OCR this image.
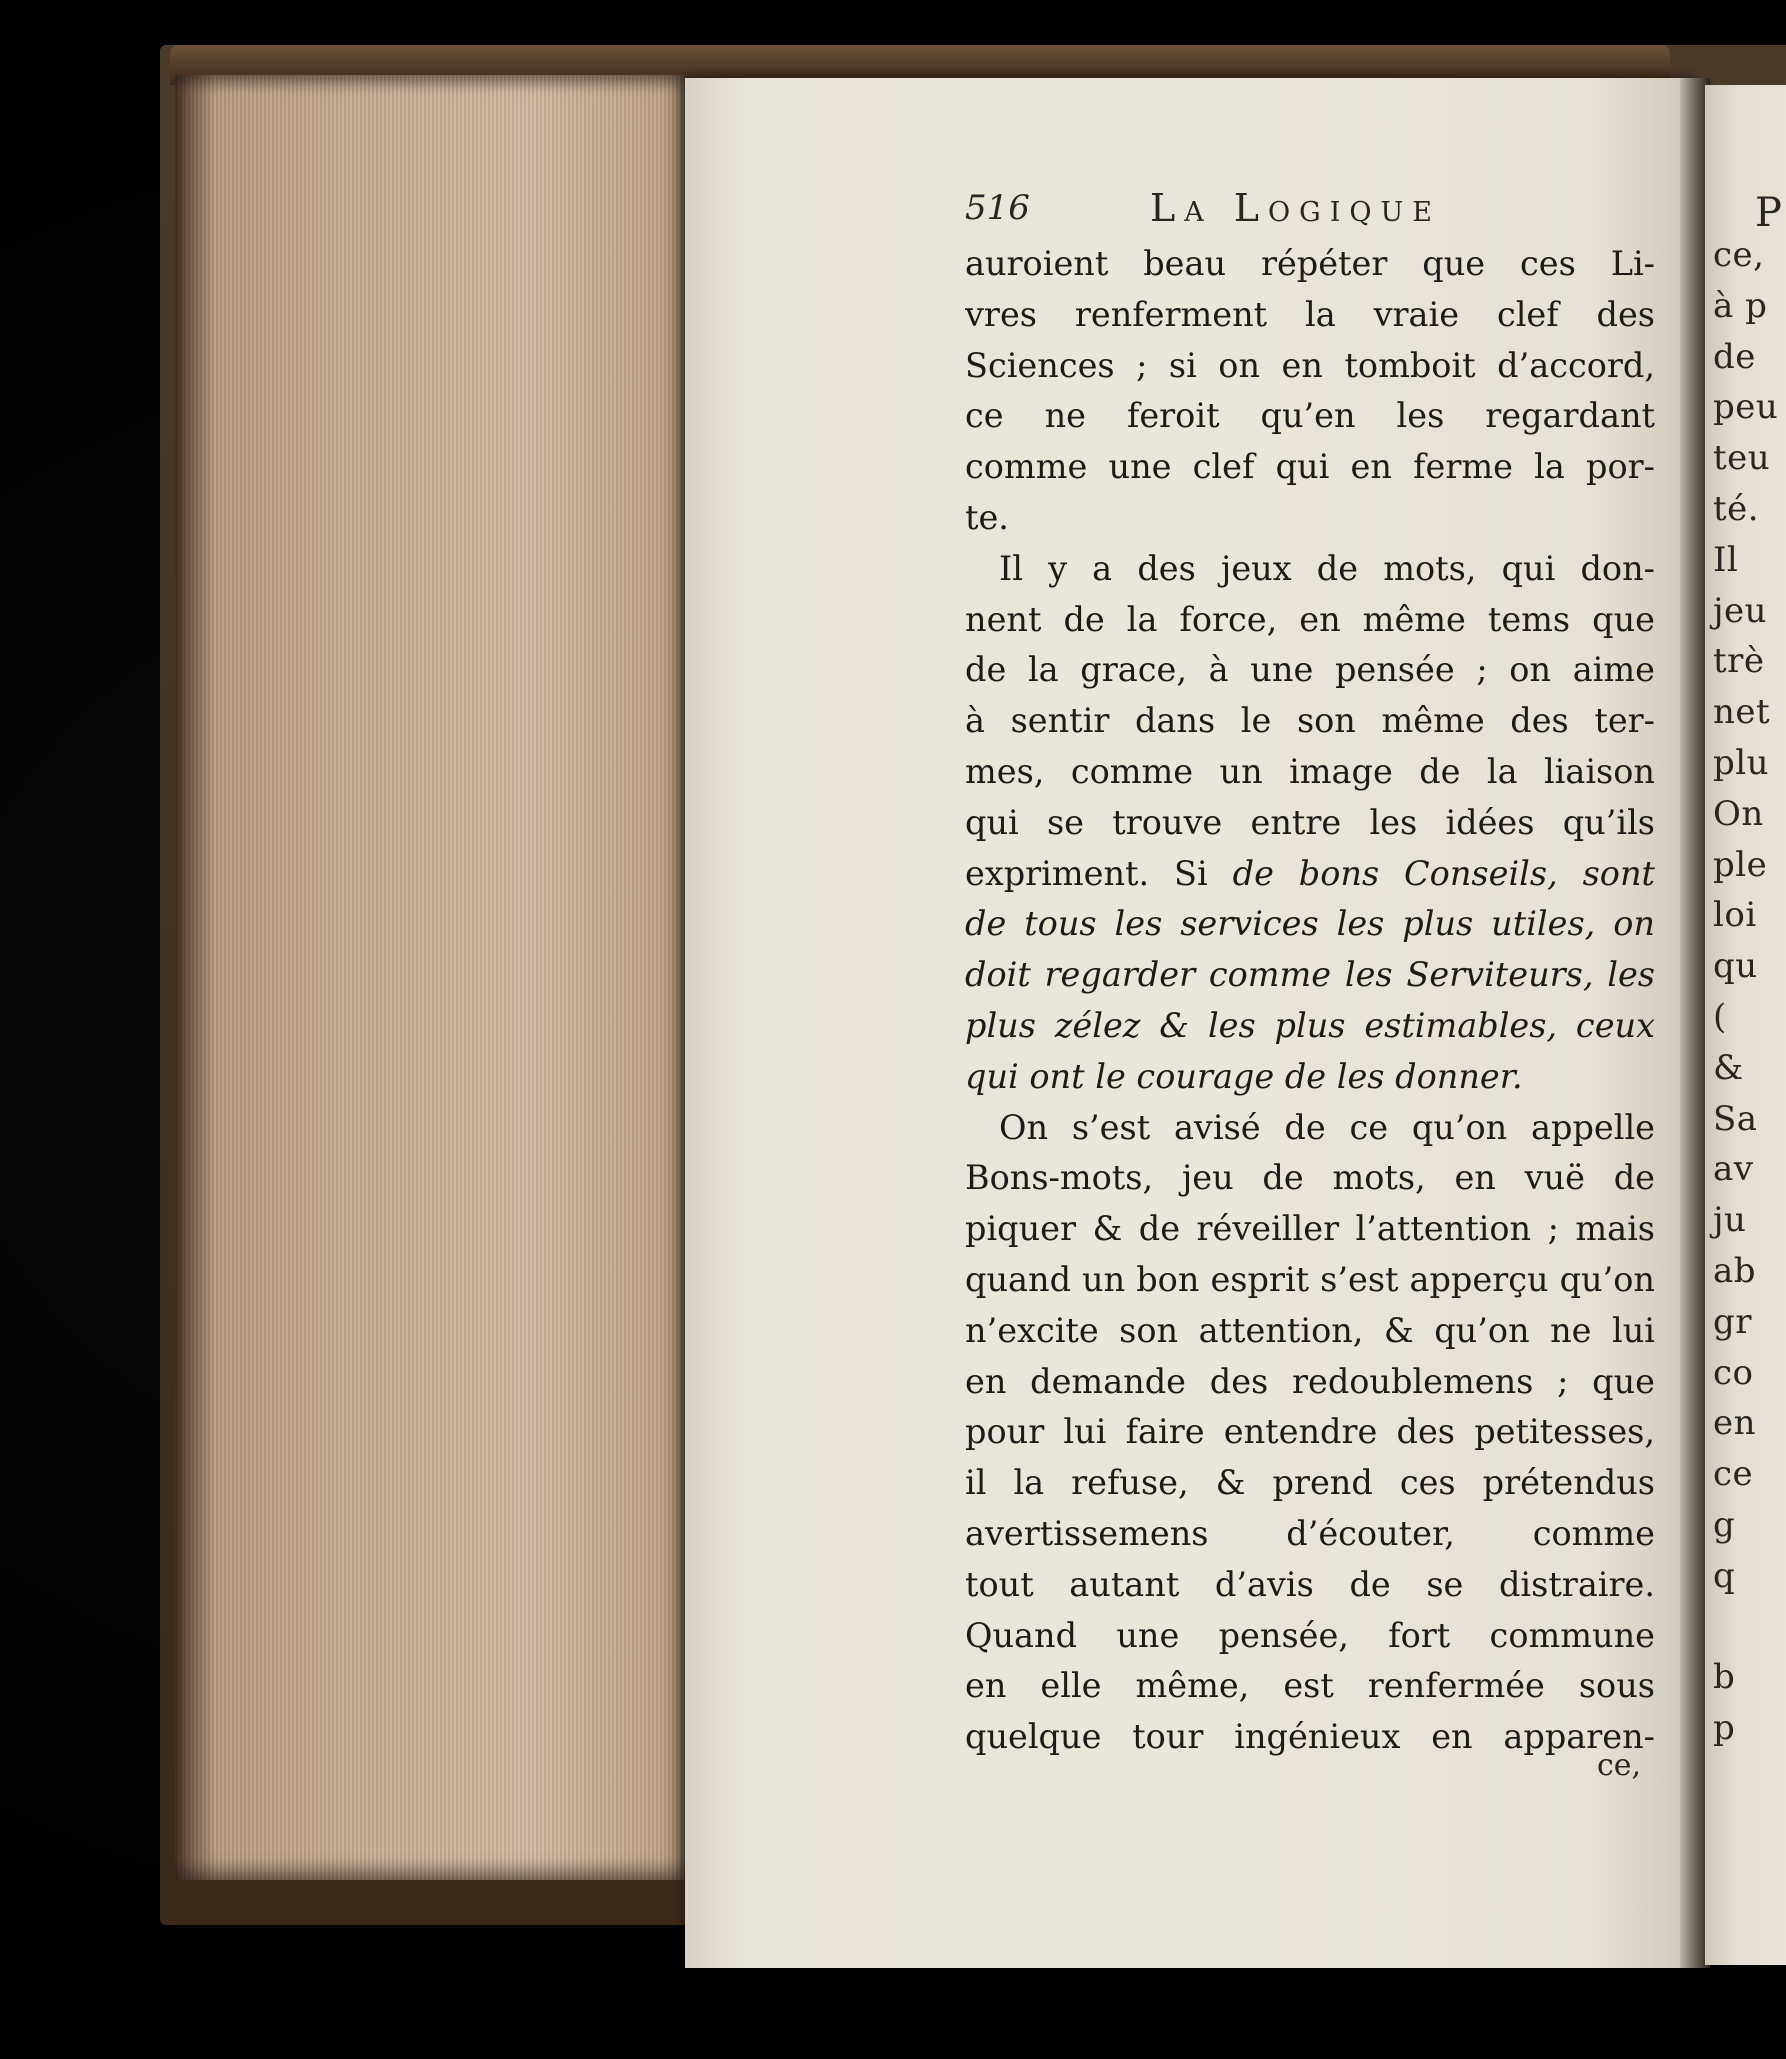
516	La Logique
auroient beau répéter que ces Li-
vres renferment la vraie clef des
Sciences ; si on en tomboit d’accord,
ce ne feroit qu’en les regardant
comme une clef qui en ferme la por-
te.
Il y a des jeux de mots, qui don-
nent de la force, en même tems que
de la grace, à une pensée ; on aime
à sentir dans le son même des ter-
mes, comme un image de la liaison
qui se trouve entre les idées qu’ils
expriment. Si de bons Conseils, sont
de tous les services les plus utiles, on
doit regarder comme les Serviteurs, les
plus zélez & les plus estimables, ceux
qui ont le courage de les donner.
On s’est avisé de ce qu’on appelle
Bons-mots, jeu de mots, en vuë de
piquer & de réveiller l’attention ; mais
quand un bon esprit s’est apperçu qu’on
n’excite son attention, & qu’on ne lui
en demande des redoublemens ; que
pour lui faire entendre des petitesses,
il la refuse, & prend ces prétendus
avertissemens d’écouter, comme
tout autant d’avis de se distraire.
Quand une pensée, fort commune
en elle même, est renfermée sous
quelque tour ingénieux en apparen-
ce,
P
ce,
à p
de
peu
teu
té.
Il
jeu
trè
net
plu
On
ple
loi
qu
(
&
Sa
av
ju
ab
gr
co
en
ce
g
q
b
p
